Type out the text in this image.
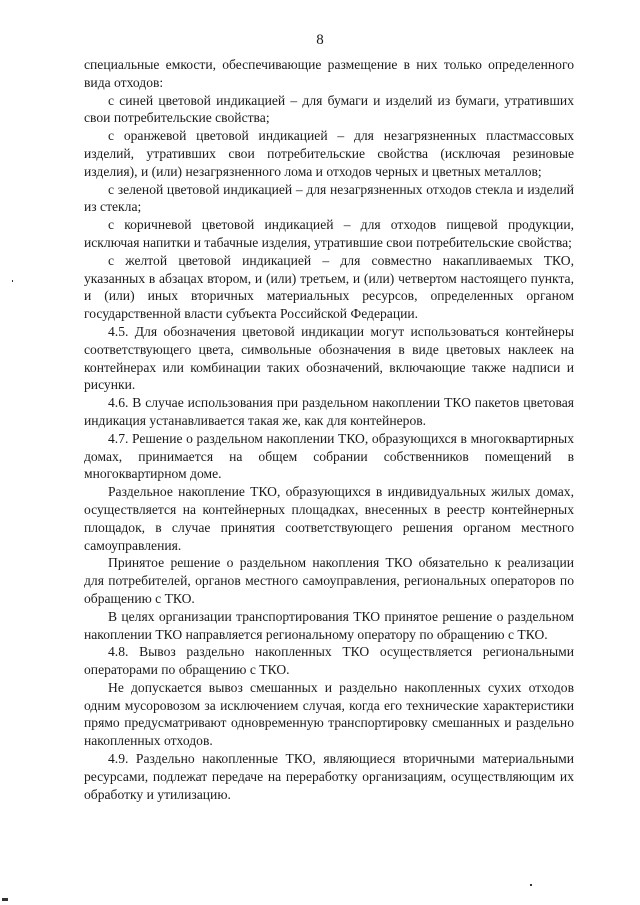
8

специальные емкости, обеспечивающие размещение в них только определенного вида отходов:

с синей цветовой индикацией – для бумаги и изделий из бумаги, утративших свои потребительские свойства;

с оранжевой цветовой индикацией – для незагрязненных пластмассовых изделий, утративших свои потребительские свойства (исключая резиновые изделия), и (или) незагрязненного лома и отходов черных и цветных металлов;

с зеленой цветовой индикацией – для незагрязненных отходов стекла и изделий из стекла;

с коричневой цветовой индикацией – для отходов пищевой продукции, исключая напитки и табачные изделия, утратившие свои потребительские свойства;

с желтой цветовой индикацией – для совместно накапливаемых ТКО, указанных в абзацах втором, и (или) третьем, и (или) четвертом настоящего пункта, и (или) иных вторичных материальных ресурсов, определенных органом государственной власти субъекта Российской Федерации.

4.5. Для обозначения цветовой индикации могут использоваться контейнеры соответствующего цвета, символьные обозначения в виде цветовых наклеек на контейнерах или комбинации таких обозначений, включающие также надписи и рисунки.

4.6. В случае использования при раздельном накоплении ТКО пакетов цветовая индикация устанавливается такая же, как для контейнеров.

4.7. Решение о раздельном накоплении ТКО, образующихся в многоквартирных домах, принимается на общем собрании собственников помещений в многоквартирном доме.

Раздельное накопление ТКО, образующихся в индивидуальных жилых домах, осуществляется на контейнерных площадках, внесенных в реестр контейнерных площадок, в случае принятия соответствующего решения органом местного самоуправления.

Принятое решение о раздельном накопления ТКО обязательно к реализации для потребителей, органов местного самоуправления, региональных операторов по обращению с ТКО.

В целях организации транспортирования ТКО принятое решение о раздельном накоплении ТКО направляется региональному оператору по обращению с ТКО.

4.8. Вывоз раздельно накопленных ТКО осуществляется региональными операторами по обращению с ТКО.

Не допускается вывоз смешанных и раздельно накопленных сухих отходов одним мусоровозом за исключением случая, когда его технические характеристики прямо предусматривают одновременную транспортировку смешанных и раздельно накопленных отходов.

4.9. Раздельно накопленные ТКО, являющиеся вторичными материальными ресурсами, подлежат передаче на переработку организациям, осуществляющим их обработку и утилизацию.
